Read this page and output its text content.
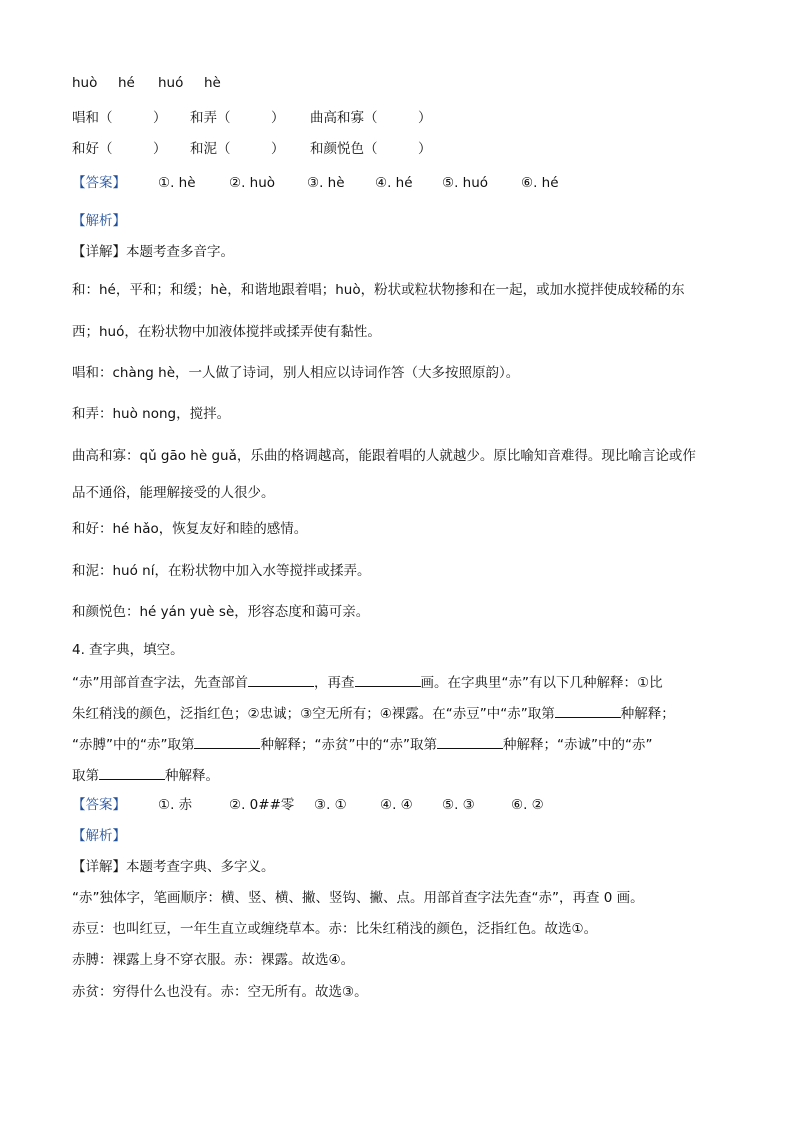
huò hé huó hè
唱和（　　　） 和弄（　　　） 曲高和寡（　　　）
和好（　　　） 和泥（　　　） 和颜悦色（　　　）
【答案】 ①. hè ②. huò ③. hè ④. hé ⑤. huó ⑥. hé
【解析】
【详解】本题考查多音字。
和：hé，平和；和缓；hè，和谐地跟着唱；huò，粉状或粒状物掺和在一起，或加水搅拌使成较稀的东
西；huó，在粉状物中加液体搅拌或揉弄使有黏性。
唱和：chàng hè，一人做了诗词，别人相应以诗词作答（大多按照原韵）。
和弄：huò nong，搅拌。
曲高和寡：qǔ gāo hè guǎ，乐曲的格调越高，能跟着唱的人就越少。原比喻知音难得。现比喻言论或作
品不通俗，能理解接受的人很少。
和好：hé hǎo，恢复友好和睦的感情。
和泥：huó ní，在粉状物中加入水等搅拌或揉弄。
和颜悦色：hé yán yuè sè，形容态度和蔼可亲。
4. 查字典，填空。
“赤”用部首查字法，先查部首	，再查	画。在字典里“赤”有以下几种解释：①比
朱红稍浅的颜色，泛指红色；②忠诚；③空无所有；④裸露。在“赤豆”中“赤”取第	种解释；
“赤膊”中的“赤”取第	种解释；“赤贫”中的“赤”取第	种解释；“赤诚”中的“赤”
取第	种解释。
【答案】 ①. 赤	②. 0##零 ③. ① ④. ④ ⑤. ③	⑥. ②
【解析】
【详解】本题考查字典、多字义。
“赤”独体字，笔画顺序：横、竖、横、撇、竖钩、撇、点。用部首查字法先查“赤”，再查 0 画。
赤豆：也叫红豆，一年生直立或缠绕草本。赤：比朱红稍浅的颜色，泛指红色。故选①。
赤膊：裸露上身不穿衣服。赤：裸露。故选④。
赤贫：穷得什么也没有。赤：空无所有。故选③。
